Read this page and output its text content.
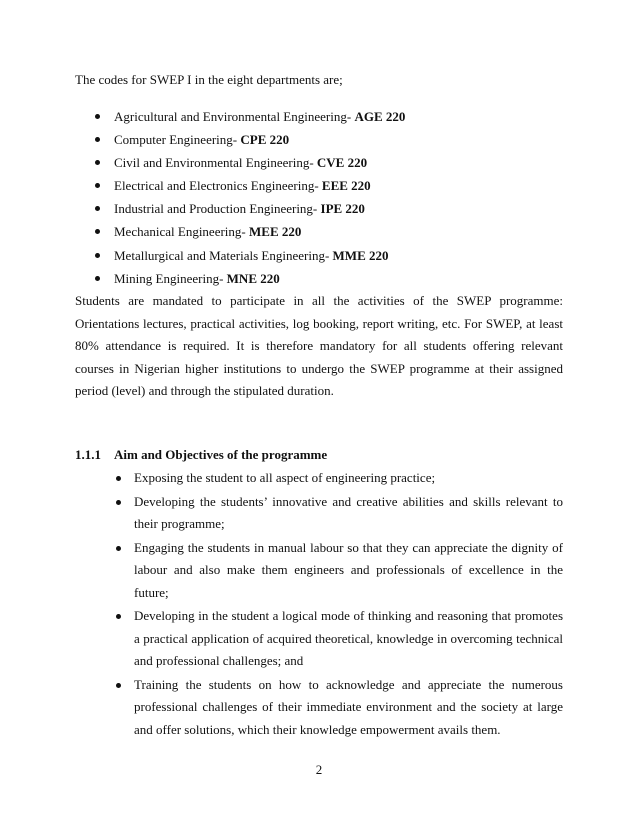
The codes for SWEP I in the eight departments are;
Agricultural and Environmental Engineering- AGE 220
Computer Engineering- CPE 220
Civil and Environmental Engineering- CVE 220
Electrical and Electronics Engineering- EEE 220
Industrial and Production Engineering- IPE 220
Mechanical Engineering- MEE 220
Metallurgical and Materials Engineering- MME 220
Mining Engineering- MNE 220

Students are mandated to participate in all the activities of the SWEP programme: Orientations lectures, practical activities, log booking, report writing, etc. For SWEP, at least 80% attendance is required. It is therefore mandatory for all students offering relevant courses in Nigerian higher institutions to undergo the SWEP programme at their assigned period (level) and through the stipulated duration.

1.1.1 Aim and Objectives of the programme
Exposing the student to all aspect of engineering practice;
Developing the students’ innovative and creative abilities and skills relevant to their programme;
Engaging the students in manual labour so that they can appreciate the dignity of labour and also make them engineers and professionals of excellence in the future;
Developing in the student a logical mode of thinking and reasoning that promotes a practical application of acquired theoretical, knowledge in overcoming technical and professional challenges; and
Training the students on how to acknowledge and appreciate the numerous professional challenges of their immediate environment and the society at large and offer solutions, which their knowledge empowerment avails them.
2
